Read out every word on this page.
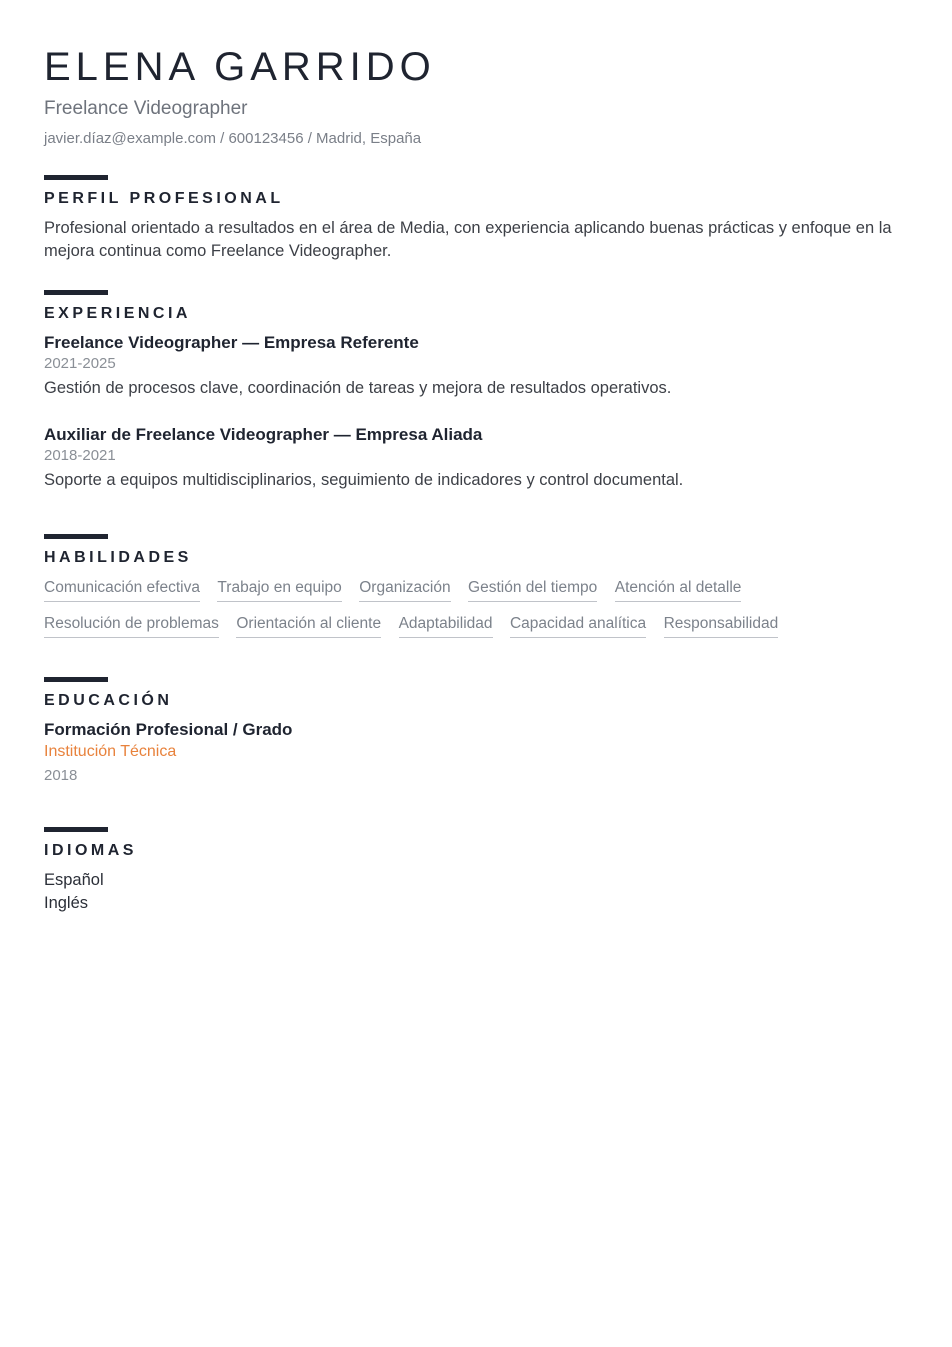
ELENA GARRIDO
Freelance Videographer
javier.díaz@example.com / 600123456 / Madrid, España
PERFIL PROFESIONAL

Profesional orientado a resultados en el área de Media, con experiencia aplicando buenas prácticas y enfoque en la mejora continua como Freelance Videographer.

EXPERIENCIA
Freelance Videographer — Empresa Referente
2021-2025
Gestión de procesos clave, coordinación de tareas y mejora de resultados operativos.
Auxiliar de Freelance Videographer — Empresa Aliada
2018-2021
Soporte a equipos multidisciplinarios, seguimiento de indicadores y control documental.
HABILIDADES
Comunicación efectiva Trabajo en equipo Organización Gestión del tiempo Atención al detalle Resolución de problemas Orientación al cliente Adaptabilidad Capacidad analítica Responsabilidad
EDUCACIÓN
Formación Profesional / Grado
Institución Técnica
2018
IDIOMAS
Español
Inglés
